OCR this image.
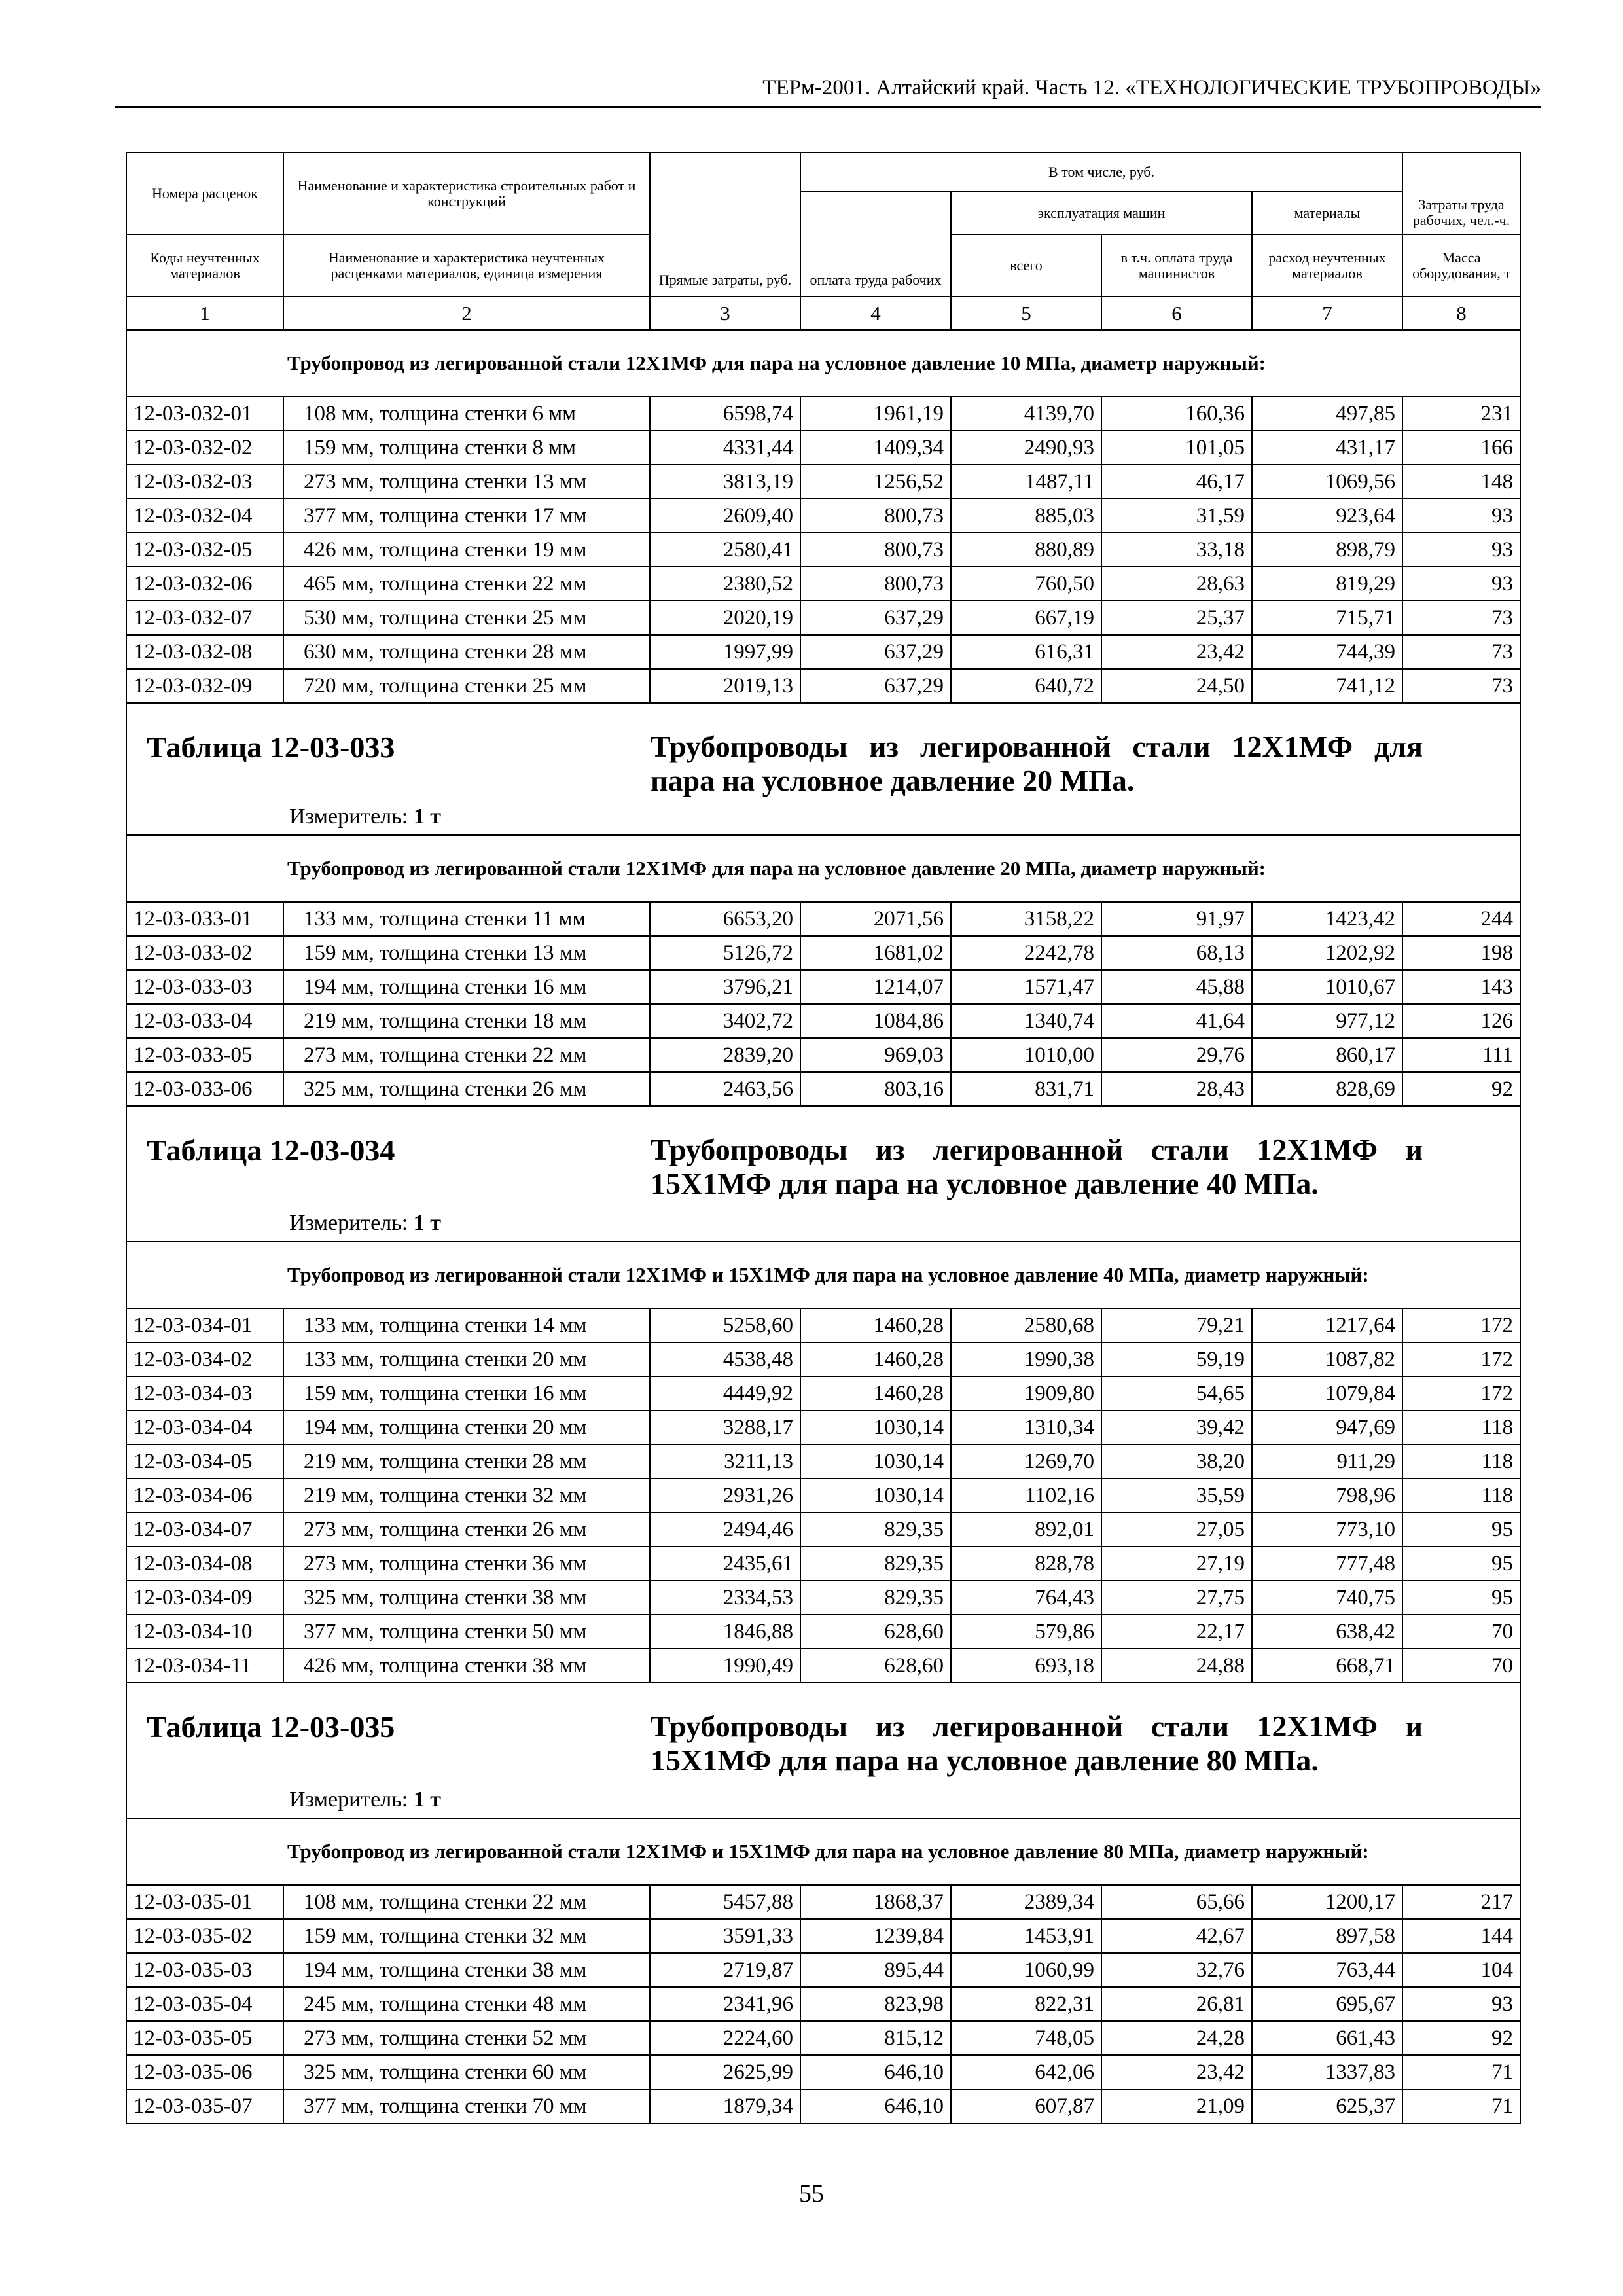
ТЕРм-2001. Алтайский край. Часть 12. «ТЕХНОЛОГИЧЕСКИЕ ТРУБОПРОВОДЫ»
Номера расценок	Наименование и характеристика строительных работ и конструкций	Прямые затраты, руб.	В том числе, руб.				Затраты труда рабочих, чел.-ч.
			оплата труда рабочих	эксплуатация машин		материалы	
Коды неучтенных материалов	Наименование и характеристика неучтенных расценками материалов, единица измерения			всего	в т.ч. оплата труда машинистов	расход неучтенных материалов	Масса оборудования, т
1	2	3	4	5	6	7	8
	Трубопровод из легированной стали 12Х1МФ для пара на условное давление 10 МПа, диаметр наружный:						
12-03-032-01	108 мм, толщина стенки 6 мм	6598,74	1961,19	4139,70	160,36	497,85	231
12-03-032-02	159 мм, толщина стенки 8 мм	4331,44	1409,34	2490,93	101,05	431,17	166
12-03-032-03	273 мм, толщина стенки 13 мм	3813,19	1256,52	1487,11	46,17	1069,56	148
12-03-032-04	377 мм, толщина стенки 17 мм	2609,40	800,73	885,03	31,59	923,64	93
12-03-032-05	426 мм, толщина стенки 19 мм	2580,41	800,73	880,89	33,18	898,79	93
12-03-032-06	465 мм, толщина стенки 22 мм	2380,52	800,73	760,50	28,63	819,29	93
12-03-032-07	530 мм, толщина стенки 25 мм	2020,19	637,29	667,19	25,37	715,71	73
12-03-032-08	630 мм, толщина стенки 28 мм	1997,99	637,29	616,31	23,42	744,39	73
12-03-032-09	720 мм, толщина стенки 25 мм	2019,13	637,29	640,72	24,50	741,12	73

Таблица 12-03-033 Трубопроводы из легированной стали 12Х1МФ для пара на условное давление 20 МПа.
Измеритель: 1 т							

	Трубопровод из легированной стали 12Х1МФ для пара на условное давление 20 МПа, диаметр наружный:						
12-03-033-01	133 мм, толщина стенки 11 мм	6653,20	2071,56	3158,22	91,97	1423,42	244
12-03-033-02	159 мм, толщина стенки 13 мм	5126,72	1681,02	2242,78	68,13	1202,92	198
12-03-033-03	194 мм, толщина стенки 16 мм	3796,21	1214,07	1571,47	45,88	1010,67	143
12-03-033-04	219 мм, толщина стенки 18 мм	3402,72	1084,86	1340,74	41,64	977,12	126
12-03-033-05	273 мм, толщина стенки 22 мм	2839,20	969,03	1010,00	29,76	860,17	111
12-03-033-06	325 мм, толщина стенки 26 мм	2463,56	803,16	831,71	28,43	828,69	92

Таблица 12-03-034 Трубопроводы из легированной стали 12Х1МФ и 15Х1МФ для пара на условное давление 40 МПа.
Измеритель: 1 т							

	Трубопровод из легированной стали 12Х1МФ и 15Х1МФ для пара на условное давление 40 МПа, диаметр наружный:						
12-03-034-01	133 мм, толщина стенки 14 мм	5258,60	1460,28	2580,68	79,21	1217,64	172
12-03-034-02	133 мм, толщина стенки 20 мм	4538,48	1460,28	1990,38	59,19	1087,82	172
12-03-034-03	159 мм, толщина стенки 16 мм	4449,92	1460,28	1909,80	54,65	1079,84	172
12-03-034-04	194 мм, толщина стенки 20 мм	3288,17	1030,14	1310,34	39,42	947,69	118
12-03-034-05	219 мм, толщина стенки 28 мм	3211,13	1030,14	1269,70	38,20	911,29	118
12-03-034-06	219 мм, толщина стенки 32 мм	2931,26	1030,14	1102,16	35,59	798,96	118
12-03-034-07	273 мм, толщина стенки 26 мм	2494,46	829,35	892,01	27,05	773,10	95
12-03-034-08	273 мм, толщина стенки 36 мм	2435,61	829,35	828,78	27,19	777,48	95
12-03-034-09	325 мм, толщина стенки 38 мм	2334,53	829,35	764,43	27,75	740,75	95
12-03-034-10	377 мм, толщина стенки 50 мм	1846,88	628,60	579,86	22,17	638,42	70
12-03-034-11	426 мм, толщина стенки 38 мм	1990,49	628,60	693,18	24,88	668,71	70

Таблица 12-03-035 Трубопроводы из легированной стали 12Х1МФ и 15Х1МФ для пара на условное давление 80 МПа.
Измеритель: 1 т							

	Трубопровод из легированной стали 12Х1МФ и 15Х1МФ для пара на условное давление 80 МПа, диаметр наружный:						
12-03-035-01	108 мм, толщина стенки 22 мм	5457,88	1868,37	2389,34	65,66	1200,17	217
12-03-035-02	159 мм, толщина стенки 32 мм	3591,33	1239,84	1453,91	42,67	897,58	144
12-03-035-03	194 мм, толщина стенки 38 мм	2719,87	895,44	1060,99	32,76	763,44	104
12-03-035-04	245 мм, толщина стенки 48 мм	2341,96	823,98	822,31	26,81	695,67	93
12-03-035-05	273 мм, толщина стенки 52 мм	2224,60	815,12	748,05	24,28	661,43	92
12-03-035-06	325 мм, толщина стенки 60 мм	2625,99	646,10	642,06	23,42	1337,83	71
12-03-035-07	377 мм, толщина стенки 70 мм	1879,34	646,10	607,87	21,09	625,37	71
55
